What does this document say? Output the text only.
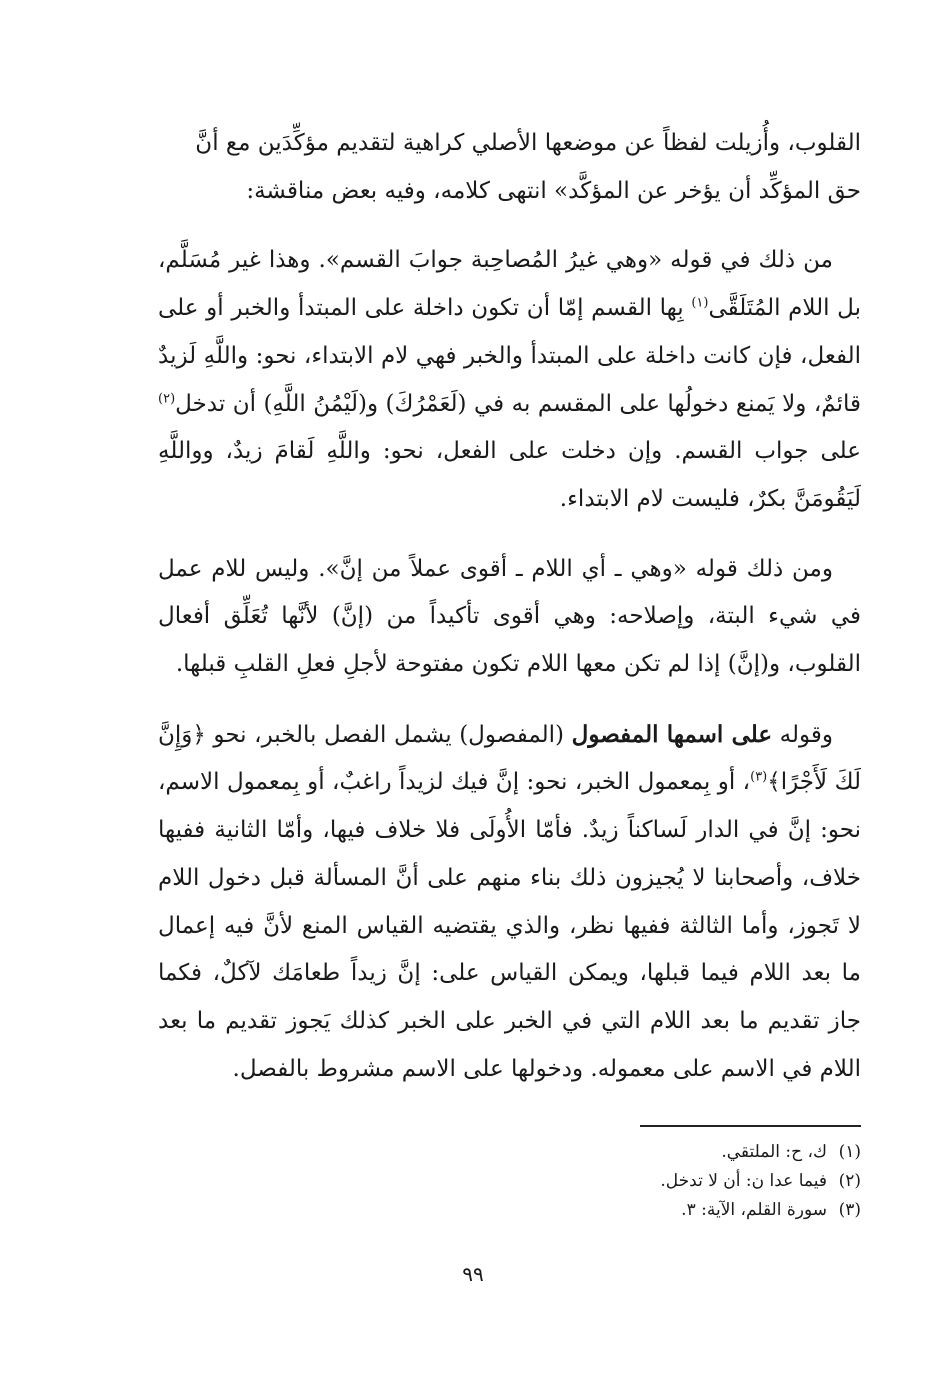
القلوب، وأُزيلت لفظاً عن موضعها الأصلي كراهية لتقديم مؤكِّدَين مع أنَّ
حق المؤكِّد أن يؤخر عن المؤكَّد» انتهى كلامه، وفيه بعض مناقشة:

من ذلك في قوله «وهي غيرُ المُصاحِبة جوابَ القسم». وهذا غير مُسَلَّم، بل اللام المُتَلَقَّى$^{(١)}$ بِها القسم إمّا أن تكون داخلة على المبتدأ والخبر أو على الفعل، فإن كانت داخلة على المبتدأ والخبر فهي لام الابتداء، نحو: واللَّهِ لَزيدٌ قائمٌ، ولا يَمنع دخولُها على المقسم به في (لَعَمْرُكَ) و(لَيْمُنُ اللَّهِ) أن تدخل$^{(٢)}$ على جواب القسم. وإن دخلت على الفعل، نحو: واللَّهِ لَقامَ زيدٌ، وواللَّهِ لَيَقُومَنَّ بكرٌ، فليست لام الابتداء.

ومن ذلك قوله «وهي ـ أي اللام ـ أقوى عملاً من إنَّ». وليس للام عمل في شيء البتة، وإصلاحه: وهي أقوى تأكيداً من (إنَّ) لأنَّها تُعَلِّق أفعال القلوب، و(إنَّ) إذا لم تكن معها اللام تكون مفتوحة لأجلِ فعلِ القلبِ قبلها.

وقوله على اسمها المفصول (المفصول) يشمل الفصل بالخبر، نحو ﴿وَإِنَّ لَكَ لَأَجْرًا﴾$^{(٣)}$، أو بِمعمول الخبر، نحو: إنَّ فيك لزيداً راغبٌ، أو بِمعمول الاسم، نحو: إنَّ في الدار لَساكناً زيدٌ. فأمّا الأُولَى فلا خلاف فيها، وأمّا الثانية ففيها خلاف، وأصحابنا لا يُجيزون ذلك بناء منهم على أنَّ المسألة قبل دخول اللام لا تَجوز، وأما الثالثة ففيها نظر، والذي يقتضيه القياس المنع لأنَّ فيه إعمال ما بعد اللام فيما قبلها، ويمكن القياس على: إنَّ زيداً طعامَك لآكلٌ، فكما جاز تقديم ما بعد اللام التي في الخبر على الخبر كذلك يَجوز تقديم ما بعد اللام في الاسم على معموله. ودخولها على الاسم مشروط بالفصل.

(١)ك، ح: الملتقي.
(٢)فيما عدا ن: أن لا تدخل.
(٣)سورة القلم، الآية: ٣.
٩٩
